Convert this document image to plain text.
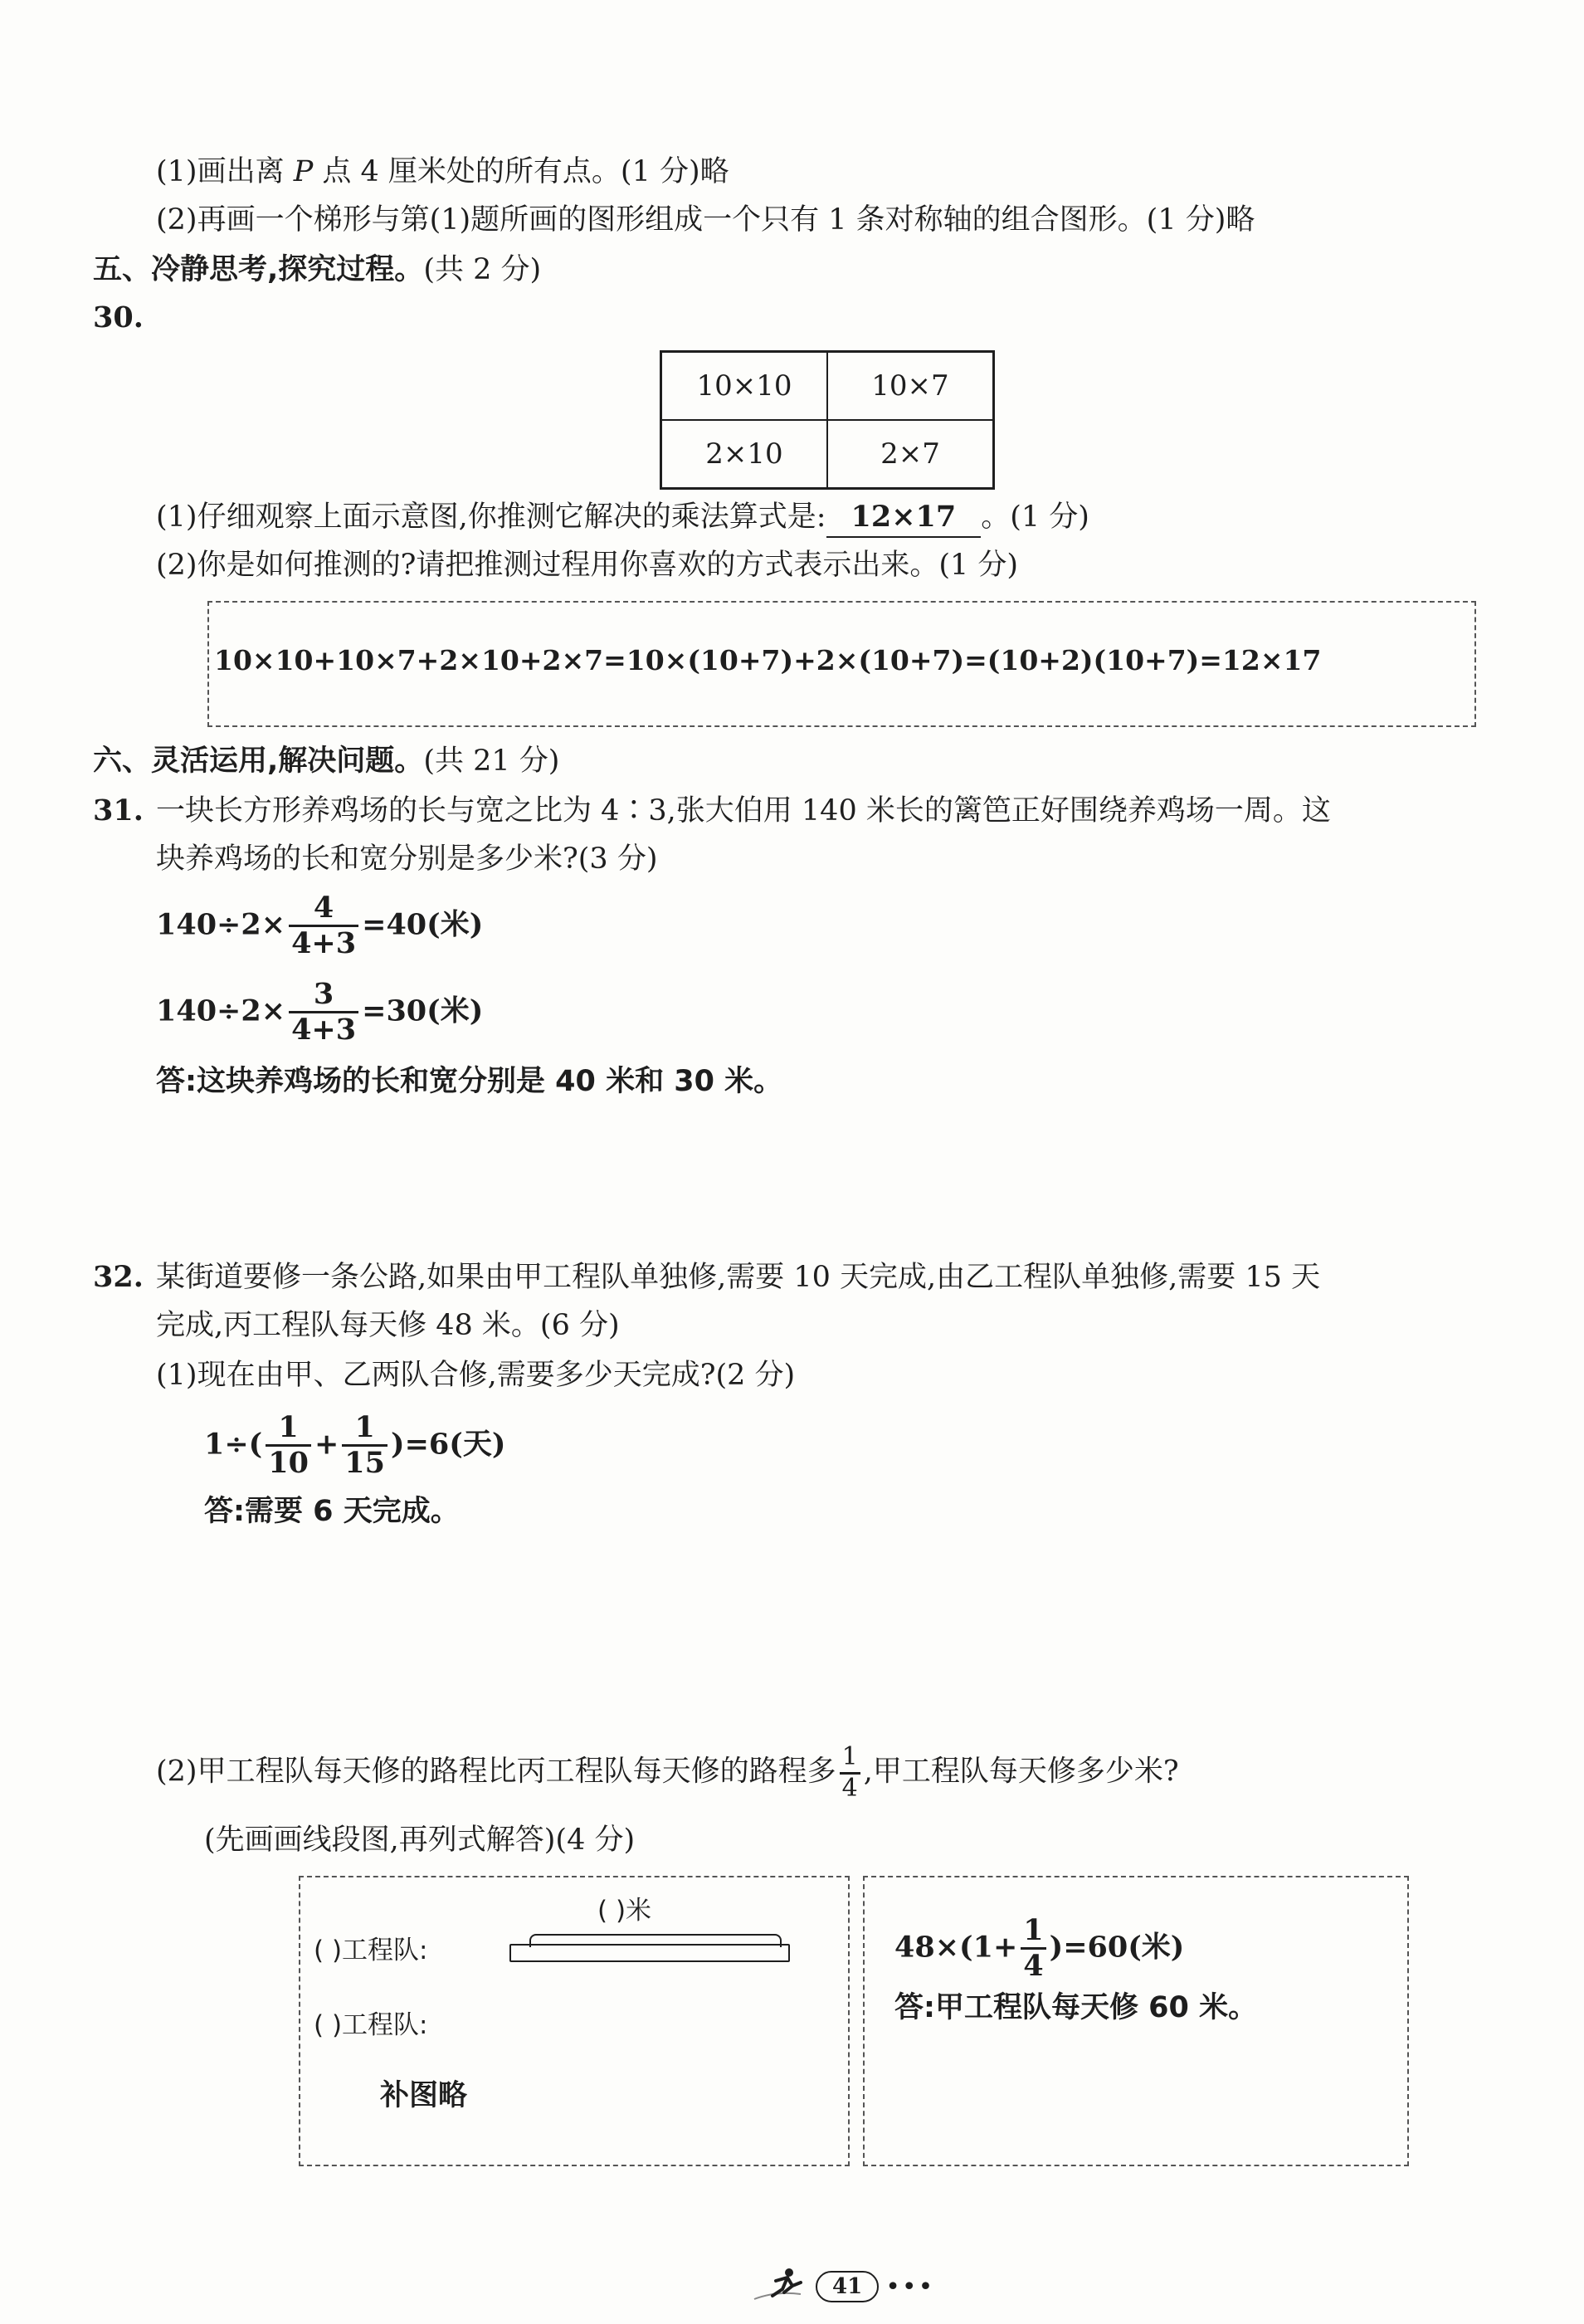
(1)画出离 P 点 4 厘米处的所有点。(1 分)略
(2)再画一个梯形与第(1)题所画的图形组成一个只有 1 条对称轴的组合图形。(1 分)略
五、冷静思考,探究过程。(共 2 分)
30.
10×10	10×7
2×10	2×7
(1)仔细观察上面示意图,你推测它解决的乘法算式是: 12×17 。(1 分)
(2)你是如何推测的?请把推测过程用你喜欢的方式表示出来。(1 分)
10×10+10×7+2×10+2×7=10×(10+7)+2×(10+7)=(10+2)(10+7)=12×17
六、灵活运用,解决问题。(共 21 分)
31. 一块长方形养鸡场的长与宽之比为 4∶3,张大伯用 140 米长的篱笆正好围绕养鸡场一周。这
块养鸡场的长和宽分别是多少米?(3 分)
$140\div 2\times \frac{4}{4+3} =40$(米)
$140\div 2\times \frac{3}{4+3} =30$(米)
答:这块养鸡场的长和宽分别是 40 米和 30 米。
32. 某街道要修一条公路,如果由甲工程队单独修,需要 10 天完成,由乙工程队单独修,需要 15 天
完成,丙工程队每天修 48 米。(6 分)
(1)现在由甲、乙两队合修,需要多少天完成?(2 分)
$1\div( \frac{1}{10} + \frac{1}{15} )=6$(天)
答:需要 6 天完成。
(2)甲工程队每天修的路程比丙工程队每天修的路程多 $\frac{1}{4}$ ,甲工程队每天修多少米?
(先画画线段图,再列式解答)(4 分)
( )米
( )工程队:
( )工程队:
补图略
$48\times(1+ \frac{1}{4} )=60$(米)
答:甲工程队每天修 60 米。
41 •••
